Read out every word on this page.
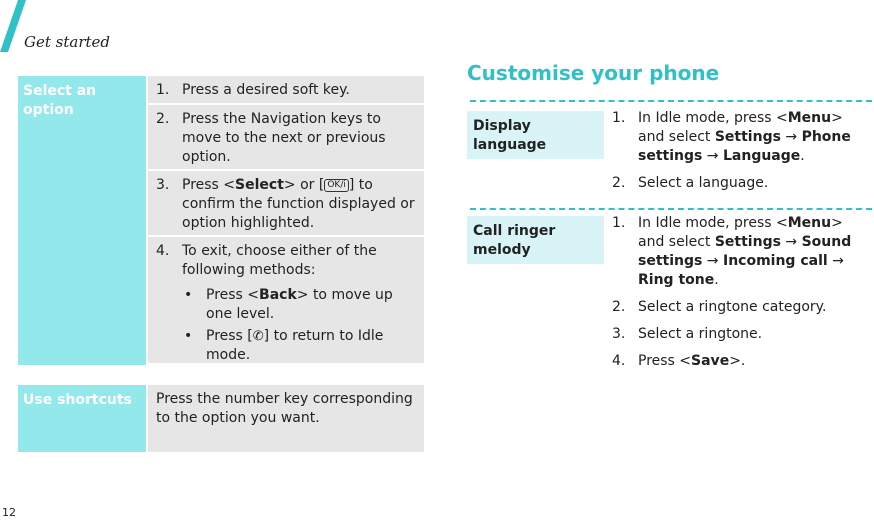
Get started
Select an option
1. Press a desired soft key.
2. Press the Navigation keys to move to the next or previous option.
3. Press <Select> or [ OK/i ] to confirm the function displayed or option highlighted.
4. To exit, choose either of the following methods:
• Press <Back> to move up one level.
• Press [✆] to return to Idle mode.
Use shortcuts	Press the number key corresponding to the option you want.
12
Customise your phone
Display language
1. In Idle mode, press <Menu> and select Settings → Phone settings → Language.
2. Select a language.
Call ringer melody
1. In Idle mode, press <Menu> and select Settings → Sound settings → Incoming call → Ring tone.
2. Select a ringtone category.
3. Select a ringtone.
4. Press <Save>.
